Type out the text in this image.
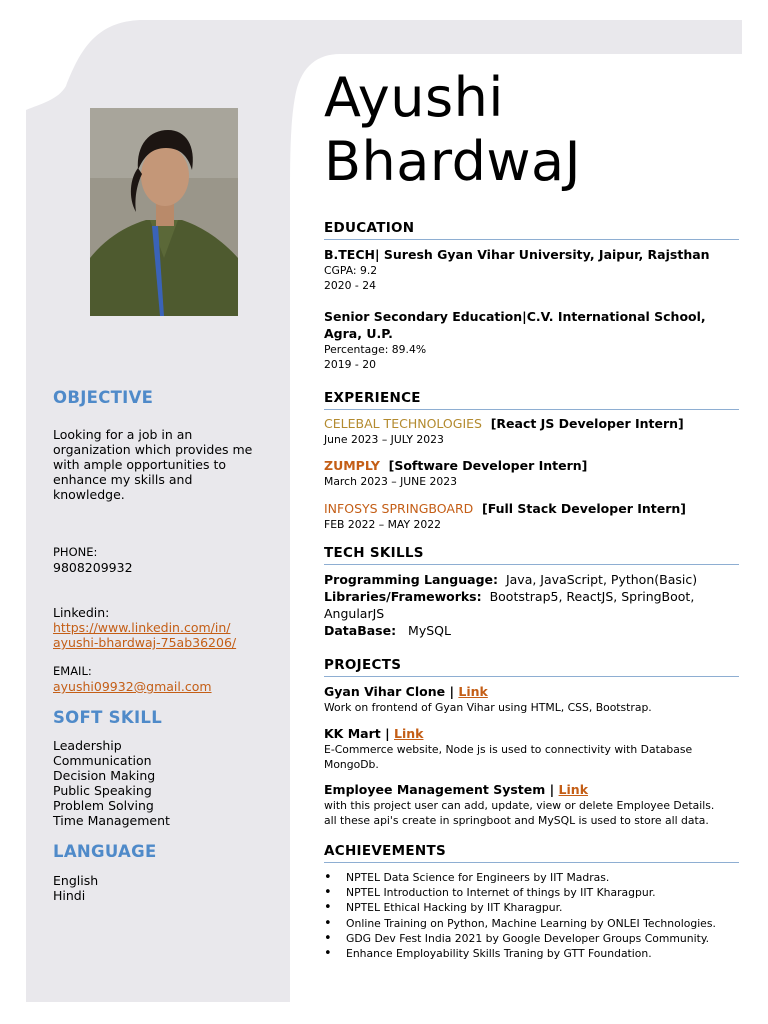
OBJECTIVE
Looking for a job in an
organization which provides me
with ample opportunities to
enhance my skills and
knowledge.
PHONE:
9808209932
Linkedin:
https://www.linkedin.com/in/
ayushi-bhardwaj-75ab36206/
EMAIL:
ayushi09932@gmail.com
SOFT SKILL
Leadership
Communication
Decision Making
Public Speaking
Problem Solving
Time Management
LANGUAGE
English
Hindi
Ayushi
BhardwaJ
EDUCATION
B.TECH| Suresh Gyan Vihar University, Jaipur, Rajsthan
CGPA: 9.2
2020 - 24
Senior Secondary Education|C.V. International School,
Agra, U.P.
Percentage: 89.4%
2019 - 20
EXPERIENCE
CELEBAL TECHNOLOGIES [React JS Developer Intern]
June 2023 – JULY 2023
ZUMPLY [Software Developer Intern]
March 2023 – JUNE 2023
INFOSYS SPRINGBOARD [Full Stack Developer Intern]
FEB 2022 – MAY 2022
TECH SKILLS
Programming Language: Java, JavaScript, Python(Basic)
Libraries/Frameworks: Bootstrap5, ReactJS, SpringBoot,
AngularJS
DataBase: MySQL
PROJECTS
Gyan Vihar Clone | Link
Work on frontend of Gyan Vihar using HTML, CSS, Bootstrap.
KK Mart | Link
E-Commerce website, Node js is used to connectivity with Database
MongoDb.
Employee Management System | Link
with this project user can add, update, view or delete Employee Details.
all these api's create in springboot and MySQL is used to store all data.
ACHIEVEMENTS
• NPTEL Data Science for Engineers by IIT Madras.
• NPTEL Introduction to Internet of things by IIT Kharagpur.
• NPTEL Ethical Hacking by IIT Kharagpur.
• Online Training on Python, Machine Learning by ONLEI Technologies.
• GDG Dev Fest India 2021 by Google Developer Groups Community.
• Enhance Employability Skills Traning by GTT Foundation.
